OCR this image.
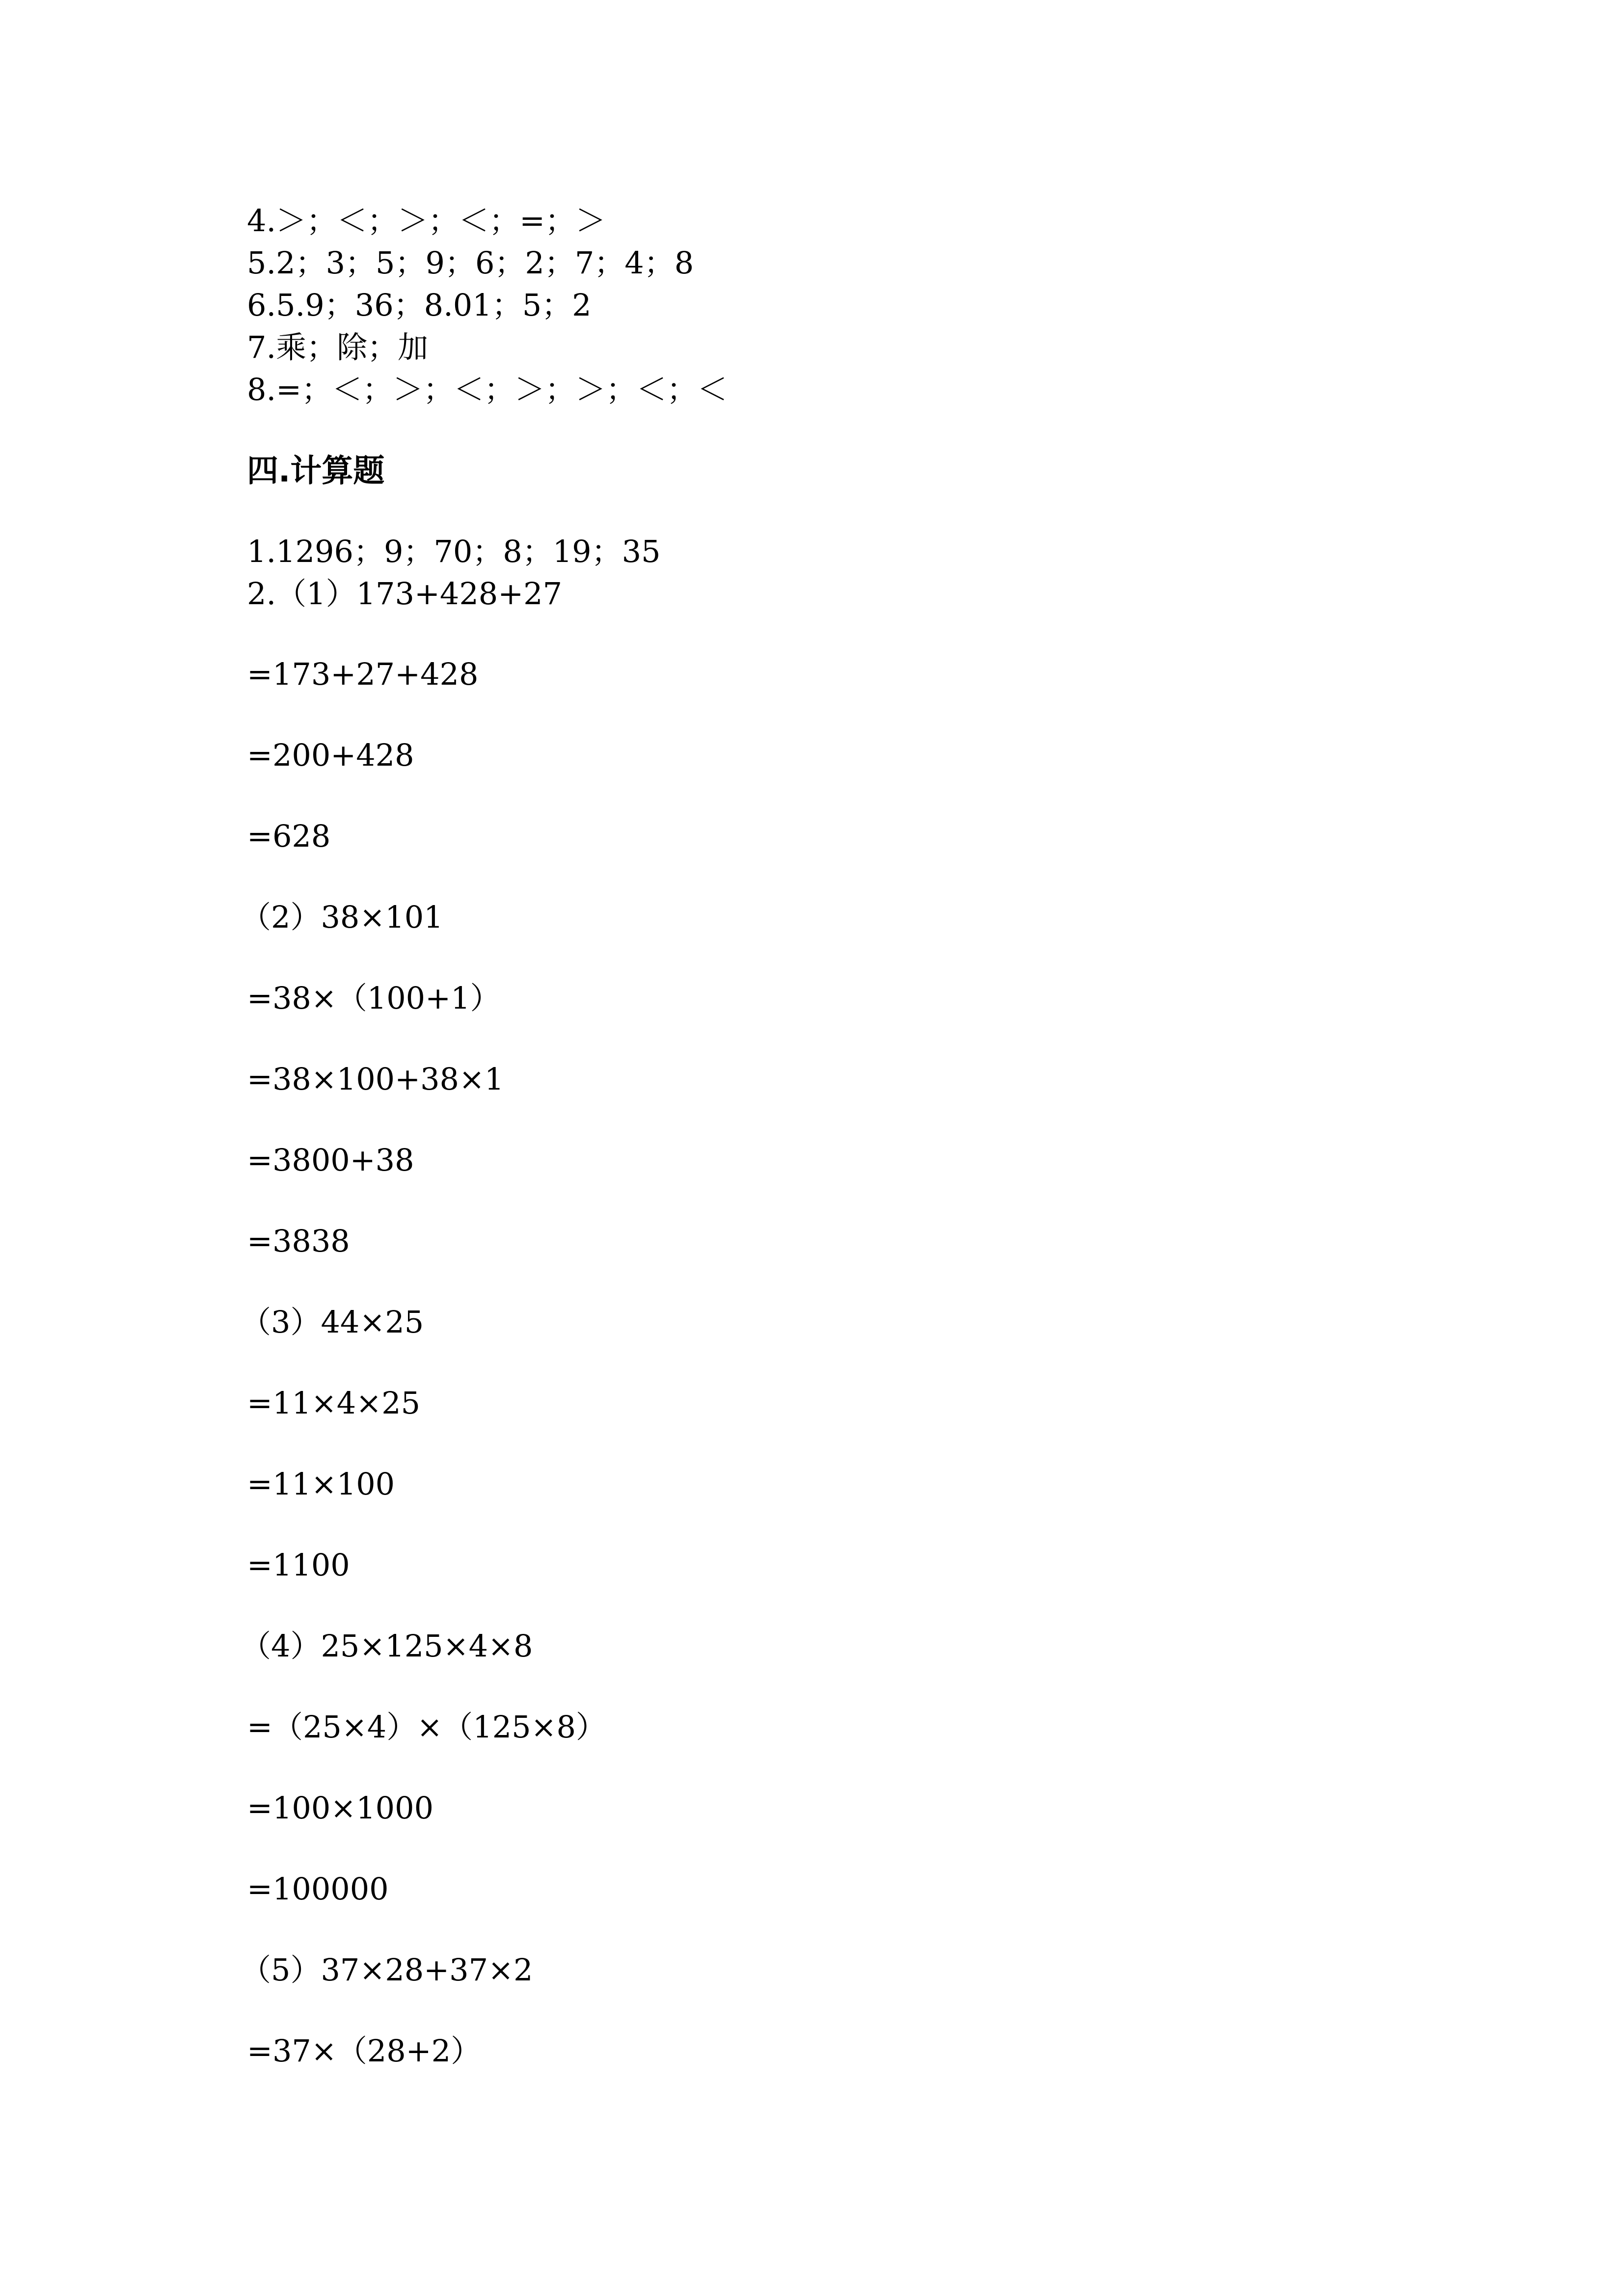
4.＞；＜；＞；＜；=；＞
5.2；3；5；9；6；2；7；4；8
6.5.9；36；8.01；5；2
7.乘；除；加
8.=；＜；＞；＜；＞；＞；＜；＜
四.计算题
1.1296；9；70；8；19；35
2.（1）173+428+27
=173+27+428
=200+428
=628
（2）38×101
=38×（100+1）
=38×100+38×1
=3800+38
=3838
（3）44×25
=11×4×25
=11×100
=1100
（4）25×125×4×8
=（25×4）×（125×8）
=100×1000
=100000
（5）37×28+37×2
=37×（28+2）
